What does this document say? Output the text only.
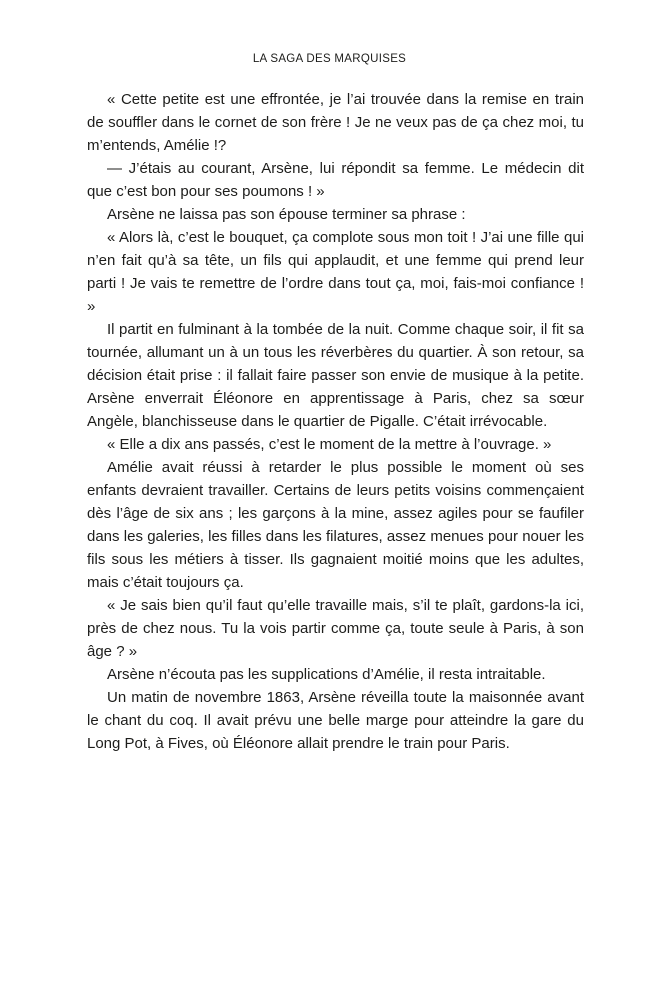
LA SAGA DES MARQUISES

« Cette petite est une effrontée, je l’ai trouvée dans la remise en train de souffler dans le cornet de son frère ! Je ne veux pas de ça chez moi, tu m’entends, Amélie !?

— J’étais au courant, Arsène, lui répondit sa femme. Le médecin dit que c’est bon pour ses poumons ! »

Arsène ne laissa pas son épouse terminer sa phrase :

« Alors là, c’est le bouquet, ça complote sous mon toit ! J’ai une fille qui n’en fait qu’à sa tête, un fils qui applaudit, et une femme qui prend leur parti ! Je vais te remettre de l’ordre dans tout ça, moi, fais-moi confiance ! »

Il partit en fulminant à la tombée de la nuit. Comme chaque soir, il fit sa tournée, allumant un à un tous les réverbères du quartier. À son retour, sa décision était prise : il fallait faire passer son envie de musique à la petite. Arsène enverrait Éléonore en apprentissage à Paris, chez sa sœur Angèle, blanchisseuse dans le quartier de Pigalle. C’était irrévocable.

« Elle a dix ans passés, c’est le moment de la mettre à l’ouvrage. »

Amélie avait réussi à retarder le plus possible le moment où ses enfants devraient travailler. Certains de leurs petits voisins commençaient dès l’âge de six ans ; les garçons à la mine, assez agiles pour se faufiler dans les galeries, les filles dans les filatures, assez menues pour nouer les fils sous les métiers à tisser. Ils gagnaient moitié moins que les adultes, mais c’était toujours ça.

« Je sais bien qu’il faut qu’elle travaille mais, s’il te plaît, gardons-la ici, près de chez nous. Tu la vois partir comme ça, toute seule à Paris, à son âge ? »

Arsène n’écouta pas les supplications d’Amélie, il resta intraitable.

Un matin de novembre 1863, Arsène réveilla toute la maisonnée avant le chant du coq. Il avait prévu une belle marge pour atteindre la gare du Long Pot, à Fives, où Éléonore allait prendre le train pour Paris.
